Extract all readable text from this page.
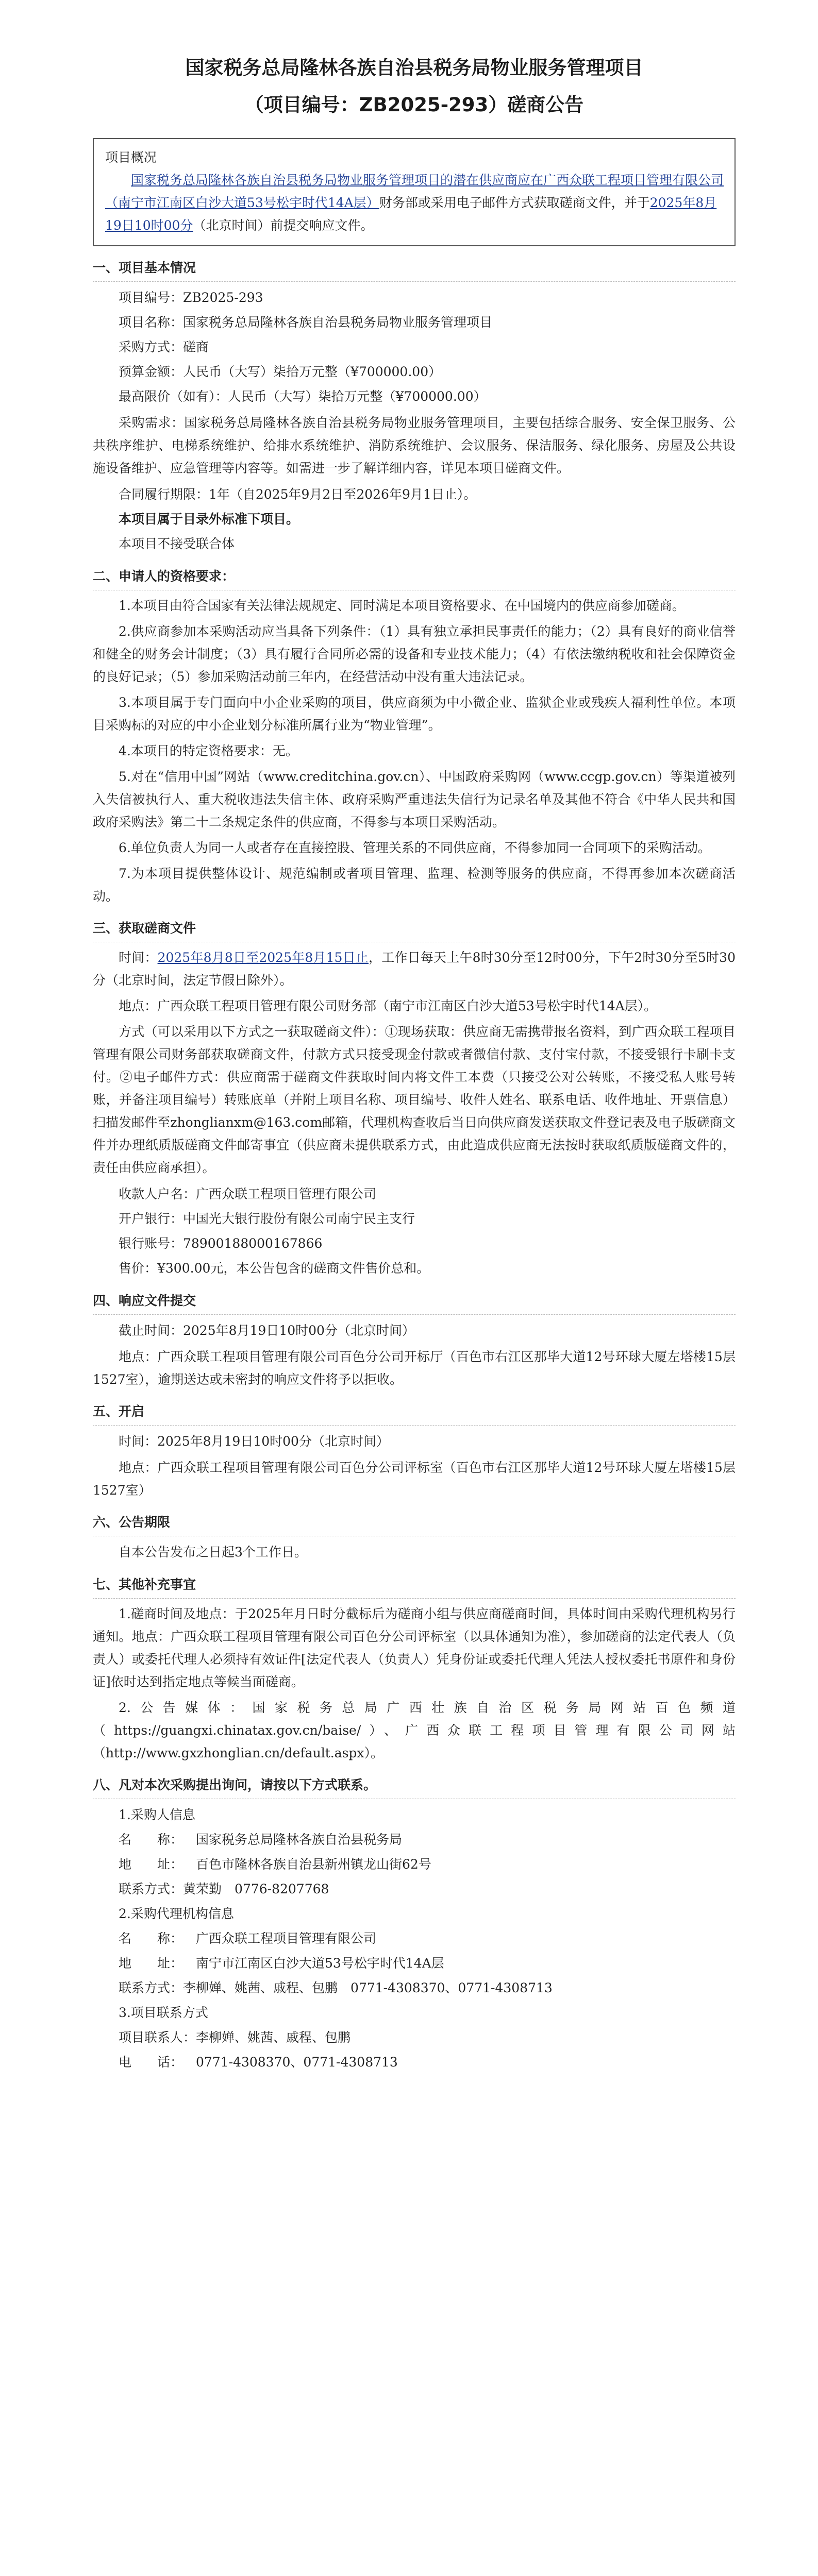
国家税务总局隆林各族自治县税务局物业服务管理项目
（项目编号：ZB2025-293）磋商公告
项目概况
国家税务总局隆林各族自治县税务局物业服务管理项目的潜在供应商应在广西众联工程项目管理有限公司（南宁市江南区白沙大道53号松宇时代14A层）财务部或采用电子邮件方式获取磋商文件，并于2025年8月19日10时00分（北京时间）前提交响应文件。
一、项目基本情况
项目编号：ZB2025-293
项目名称：国家税务总局隆林各族自治县税务局物业服务管理项目
采购方式：磋商
预算金额：人民币（大写）柒拾万元整（¥700000.00）
最高限价（如有）：人民币（大写）柒拾万元整（¥700000.00）
采购需求：国家税务总局隆林各族自治县税务局物业服务管理项目，主要包括综合服务、安全保卫服务、公共秩序维护、电梯系统维护、给排水系统维护、消防系统维护、会议服务、保洁服务、绿化服务、房屋及公共设施设备维护、应急管理等内容等。如需进一步了解详细内容，详见本项目磋商文件。
合同履行期限：1年（自2025年9月2日至2026年9月1日止）。
本项目属于目录外标准下项目。
本项目不接受联合体
二、申请人的资格要求：
1.本项目由符合国家有关法律法规规定、同时满足本项目资格要求、在中国境内的供应商参加磋商。
2.供应商参加本采购活动应当具备下列条件：（1）具有独立承担民事责任的能力；（2）具有良好的商业信誉和健全的财务会计制度；（3）具有履行合同所必需的设备和专业技术能力；（4）有依法缴纳税收和社会保障资金的良好记录；（5）参加采购活动前三年内，在经营活动中没有重大违法记录。
3.本项目属于专门面向中小企业采购的项目，供应商须为中小微企业、监狱企业或残疾人福利性单位。本项目采购标的对应的中小企业划分标准所属行业为“物业管理”。
4.本项目的特定资格要求：无。
5.对在“信用中国”网站（www.creditchina.gov.cn）、中国政府采购网（www.ccgp.gov.cn）等渠道被列入失信被执行人、重大税收违法失信主体、政府采购严重违法失信行为记录名单及其他不符合《中华人民共和国政府采购法》第二十二条规定条件的供应商，不得参与本项目采购活动。
6.单位负责人为同一人或者存在直接控股、管理关系的不同供应商，不得参加同一合同项下的采购活动。
7.为本项目提供整体设计、规范编制或者项目管理、监理、检测等服务的供应商，不得再参加本次磋商活动。
三、获取磋商文件
时间：2025年8月8日至2025年8月15日止，工作日每天上午8时30分至12时00分，下午2时30分至5时30分（北京时间，法定节假日除外）。
地点：广西众联工程项目管理有限公司财务部（南宁市江南区白沙大道53号松宇时代14A层）。
方式（可以采用以下方式之一获取磋商文件）：①现场获取：供应商无需携带报名资料，到广西众联工程项目管理有限公司财务部获取磋商文件，付款方式只接受现金付款或者微信付款、支付宝付款，不接受银行卡刷卡支付。②电子邮件方式：供应商需于磋商文件获取时间内将文件工本费（只接受公对公转账，不接受私人账号转账，并备注项目编号）转账底单（并附上项目名称、项目编号、收件人姓名、联系电话、收件地址、开票信息）扫描发邮件至zhonglianxm@163.com邮箱，代理机构查收后当日向供应商发送获取文件登记表及电子版磋商文件并办理纸质版磋商文件邮寄事宜（供应商未提供联系方式，由此造成供应商无法按时获取纸质版磋商文件的，责任由供应商承担）。
收款人户名：广西众联工程项目管理有限公司
开户银行：中国光大银行股份有限公司南宁民主支行
银行账号：78900188000167866
售价：¥300.00元，本公告包含的磋商文件售价总和。
四、响应文件提交
截止时间：2025年8月19日10时00分（北京时间）
地点：广西众联工程项目管理有限公司百色分公司开标厅（百色市右江区那毕大道12号环球大厦左塔楼15层1527室），逾期送达或未密封的响应文件将予以拒收。
五、开启
时间：2025年8月19日10时00分（北京时间）
地点：广西众联工程项目管理有限公司百色分公司评标室（百色市右江区那毕大道12号环球大厦左塔楼15层1527室）
六、公告期限
自本公告发布之日起3个工作日。
七、其他补充事宜
1.磋商时间及地点：于2025年月日时分截标后为磋商小组与供应商磋商时间，具体时间由采购代理机构另行通知。地点：广西众联工程项目管理有限公司百色分公司评标室（以具体通知为准），参加磋商的法定代表人（负责人）或委托代理人必须持有效证件[法定代表人（负责人）凭身份证或委托代理人凭法人授权委托书原件和身份证]依时达到指定地点等候当面磋商。
2.公告媒体：国家税务总局广西壮族自治区税务局网站百色频道（https://guangxi.chinatax.gov.cn/baise/）、广西众联工程项目管理有限公司网站（http://www.gxzhonglian.cn/default.aspx）。
八、凡对本次采购提出询问，请按以下方式联系。
1.采购人信息
名　　称： 国家税务总局隆林各族自治县税务局
地　　址： 百色市隆林各族自治县新州镇龙山街62号
联系方式：黄荣勤　0776-8207768
2.采购代理机构信息
名　　称： 广西众联工程项目管理有限公司
地　　址： 南宁市江南区白沙大道53号松宇时代14A层
联系方式：李柳婵、姚茜、戚程、包鹏　0771-4308370、0771-4308713
3.项目联系方式
项目联系人：李柳婵、姚茜、戚程、包鹏
电　　话： 0771-4308370、0771-4308713
